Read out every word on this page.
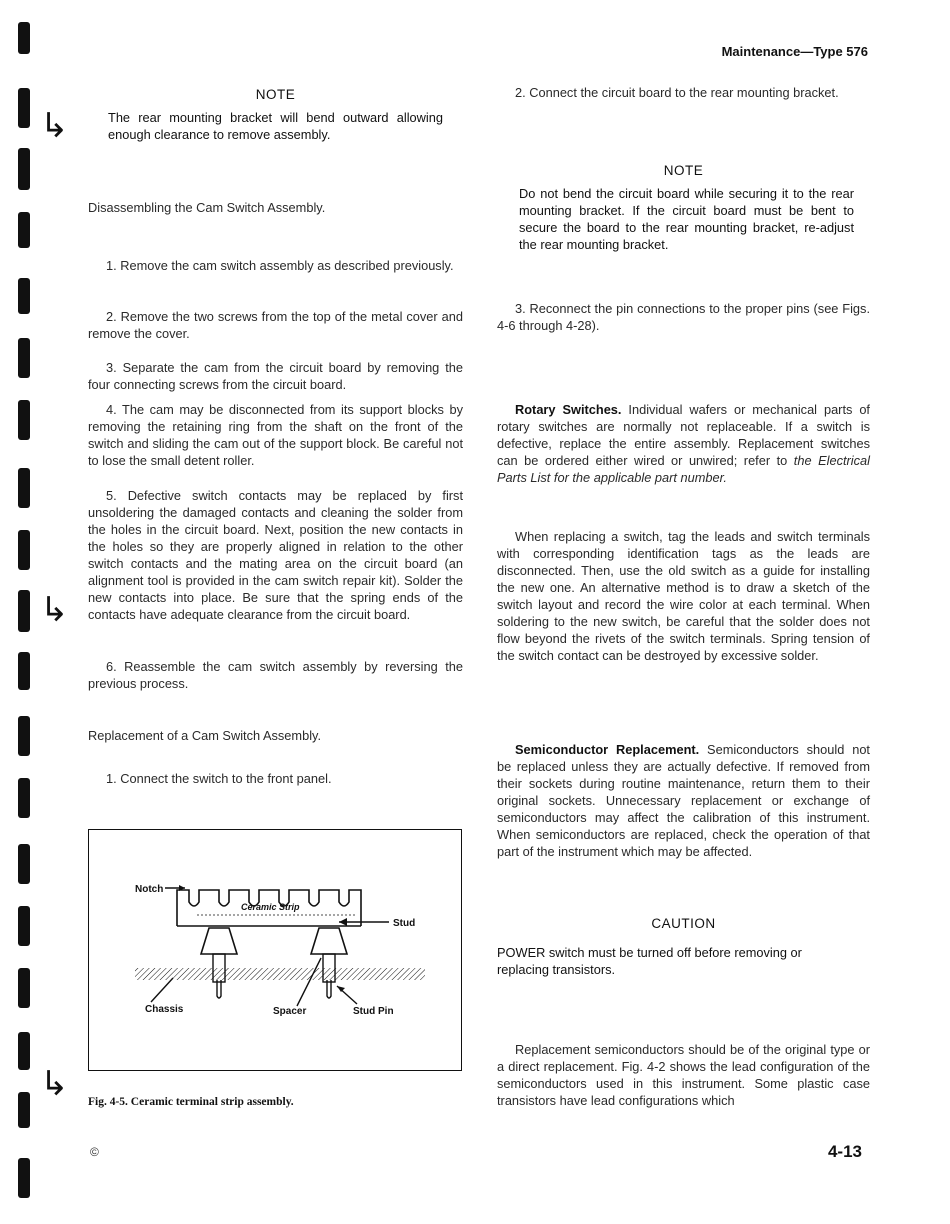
↳
↳
↳
Maintenance—Type 576

NOTE

The rear mounting bracket will bend outward allowing enough clearance to remove assembly.

Disassembling the Cam Switch Assembly.

1. Remove the cam switch assembly as described previously.

2. Remove the two screws from the top of the metal cover and remove the cover.

3. Separate the cam from the circuit board by removing the four connecting screws from the circuit board.

4. The cam may be disconnected from its support blocks by removing the retaining ring from the shaft on the front of the switch and sliding the cam out of the support block. Be careful not to lose the small detent roller.

5. Defective switch contacts may be replaced by first unsoldering the damaged contacts and cleaning the solder from the holes in the circuit board. Next, position the new contacts in the holes so they are properly aligned in relation to the other switch contacts and the mating area on the circuit board (an alignment tool is provided in the cam switch repair kit). Solder the new contacts into place. Be sure that the spring ends of the contacts have adequate clearance from the circuit board.

6. Reassemble the cam switch assembly by reversing the previous process.

Replacement of a Cam Switch Assembly.

1. Connect the switch to the front panel.

Notch
Ceramic Strip
Stud
Chassis	Spacer	Stud Pin
Fig. 4-5. Ceramic terminal strip assembly.

2. Connect the circuit board to the rear mounting bracket.

NOTE

Do not bend the circuit board while securing it to the rear mounting bracket. If the circuit board must be bent to secure the board to the rear mounting bracket, re-adjust the rear mounting bracket.

3. Reconnect the pin connections to the proper pins (see Figs. 4-6 through 4-28).

Rotary Switches. Individual wafers or mechanical parts of rotary switches are normally not replaceable. If a switch is defective, replace the entire assembly. Replacement switches can be ordered either wired or unwired; refer to the Electrical Parts List for the applicable part number.

When replacing a switch, tag the leads and switch terminals with corresponding identification tags as the leads are disconnected. Then, use the old switch as a guide for installing the new one. An alternative method is to draw a sketch of the switch layout and record the wire color at each terminal. When soldering to the new switch, be careful that the solder does not flow beyond the rivets of the switch terminals. Spring tension of the switch contact can be destroyed by excessive solder.

Semiconductor Replacement. Semiconductors should not be replaced unless they are actually defective. If removed from their sockets during routine maintenance, return them to their original sockets. Unnecessary replacement or exchange of semiconductors may affect the calibration of this instrument. When semiconductors are replaced, check the operation of that part of the instrument which may be affected.

CAUTION

POWER switch must be turned off before removing or replacing transistors.

Replacement semiconductors should be of the original type or a direct replacement. Fig. 4-2 shows the lead configuration of the semiconductors used in this instrument. Some plastic case transistors have lead configurations which

©	4-13
